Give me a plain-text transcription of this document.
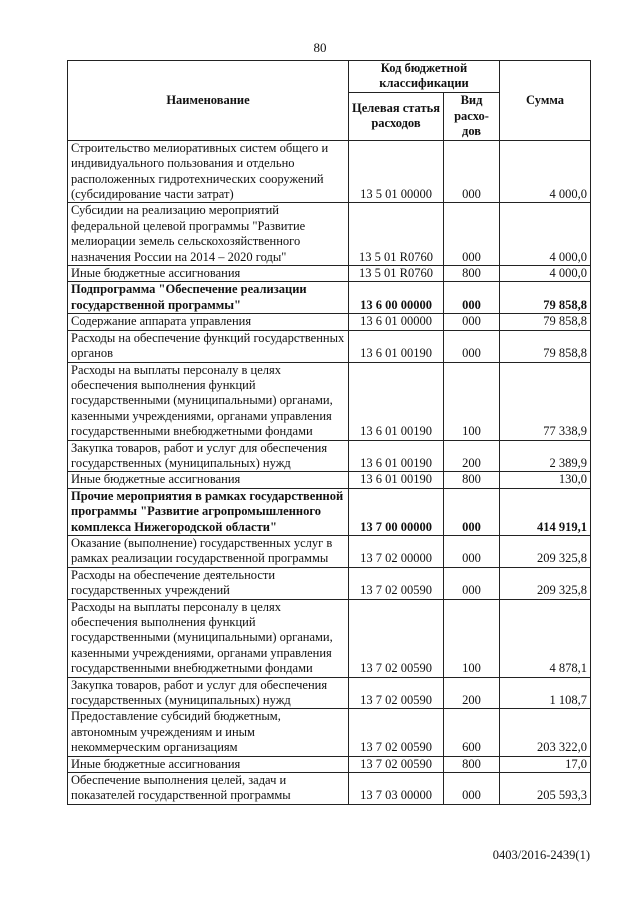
80
Наименование	Код бюджетной классификации		Сумма
	Целевая статья расходов	Вид расхо- дов	
Строительство мелиоративных систем общего и индивидуального пользования и отдельно расположенных гидротехнических сооружений (субсидирование части затрат)	13 5 01 00000	000	4 000,0
Субсидии на реализацию мероприятий федеральной целевой программы "Развитие мелиорации земель сельскохозяйственного назначения России на 2014 – 2020 годы"	13 5 01 R0760	000	4 000,0
Иные бюджетные ассигнования	13 5 01 R0760	800	4 000,0
Подпрограмма "Обеспечение реализации государственной программы"	13 6 00 00000	000	79 858,8
Содержание аппарата управления	13 6 01 00000	000	79 858,8
Расходы на обеспечение функций государственных органов	13 6 01 00190	000	79 858,8
Расходы на выплаты персоналу в целях обеспечения выполнения функций государственными (муниципальными) органами, казенными учреждениями, органами управления государственными внебюджетными фондами	13 6 01 00190	100	77 338,9
Закупка товаров, работ и услуг для обеспечения государственных (муниципальных) нужд	13 6 01 00190	200	2 389,9
Иные бюджетные ассигнования	13 6 01 00190	800	130,0
Прочие мероприятия в рамках государственной программы "Развитие агропромышленного комплекса Нижегородской области"	13 7 00 00000	000	414 919,1
Оказание (выполнение) государственных услуг в рамках реализации государственной программы	13 7 02 00000	000	209 325,8
Расходы на обеспечение деятельности государственных учреждений	13 7 02 00590	000	209 325,8
Расходы на выплаты персоналу в целях обеспечения выполнения функций государственными (муниципальными) органами, казенными учреждениями, органами управления государственными внебюджетными фондами	13 7 02 00590	100	4 878,1
Закупка товаров, работ и услуг для обеспечения государственных (муниципальных) нужд	13 7 02 00590	200	1 108,7
Предоставление субсидий бюджетным, автономным учреждениям и иным некоммерческим организациям	13 7 02 00590	600	203 322,0
Иные бюджетные ассигнования	13 7 02 00590	800	17,0
Обеспечение выполнения целей, задач и показателей государственной программы	13 7 03 00000	000	205 593,3
0403/2016-2439(1)
